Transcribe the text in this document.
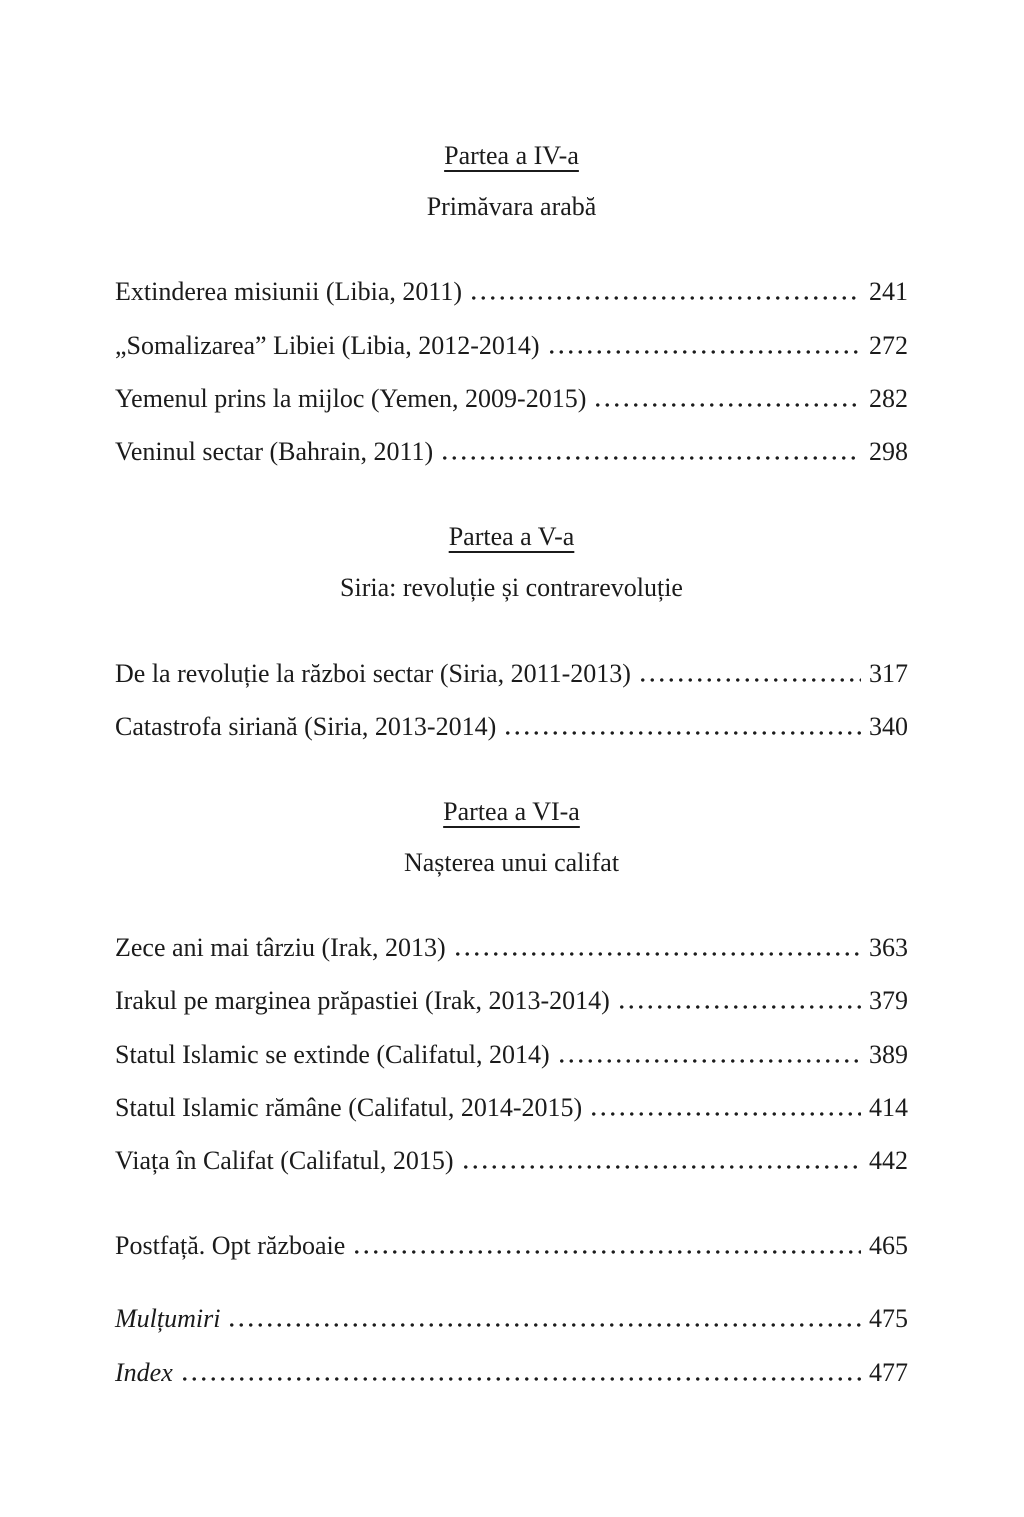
Partea a IV-a
Primăvara arabă
Extinderea misiunii (Libia, 2011)	241
„Somalizarea” Libiei (Libia, 2012-2014)	272
Yemenul prins la mijloc (Yemen, 2009-2015)	282
Veninul sectar (Bahrain, 2011)	298
Partea a V-a
Siria: revoluție și contrarevoluție
De la revoluție la război sectar (Siria, 2011-2013)	317
Catastrofa siriană (Siria, 2013-2014)	340
Partea a VI-a
Nașterea unui califat
Zece ani mai târziu (Irak, 2013)	363
Irakul pe marginea prăpastiei (Irak, 2013-2014)	379
Statul Islamic se extinde (Califatul, 2014)	389
Statul Islamic rămâne (Califatul, 2014-2015)	414
Viața în Califat (Califatul, 2015)	442
Postfață. Opt războaie	465
Mulțumiri	475
Index	477
